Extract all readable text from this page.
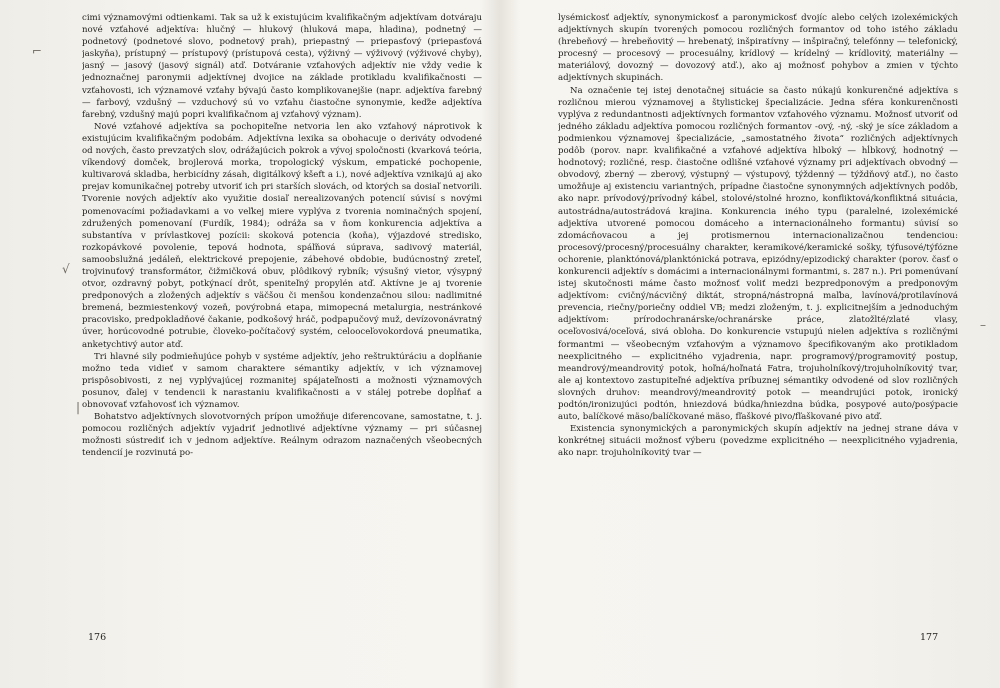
⌐
√
|
–

cimi významovými odtienkami. Tak sa už k existujúcim kvalifikačným adjektívam dotváraju nové vzťahové adjektíva: hlučný — hlukový (hluková mapa, hladina), podnetný — podnetový (podnetové slovo, podnetový prah), priepastný — priepasťový (priepasťová jaskyňa), prístupný — prístupový (prístupová cesta), výživný — výživový (výživové chyby), jasný — jasový (jasový signál) atď. Dotváranie vzťahových adjektív nie vždy vedie k jednoznačnej paronymii adjektívnej dvojice na základe protikladu kvalifikačnosti — vzťahovosti, ich významové vzťahy bývajú často komplikovanejšie (napr. adjektíva farebný — farbový, vzdušný — vzduchový sú vo vzťahu čiastočne synonymie, keďže adjektíva farebný, vzdušný majú popri kvalifikačnom aj vzťahový význam).

Nové vzťahové adjektíva sa pochopiteľne netvoria len ako vzťahový náprotivok k existujúcim kvalifikačným podobám. Adjektívna lexika sa obohacuje o deriváty odvodené od nových, často prevzatých slov, odrážajúcich pokrok a vývoj spoločnosti (kvarková teória, víkendový domček, brojlerová morka, tropologický výskum, empatické pochopenie, kultivarová skladba, herbicídny zásah, digitálkový kšeft a i.), nové adjektíva vznikajú aj ako prejav komunikačnej potreby utvoriť ich pri starších slovách, od ktorých sa dosiaľ netvorili. Tvorenie nových adjektív ako využitie dosiaľ nerealizovaných potencií súvisí s novými pomenovacími požiadavkami a vo veľkej miere vyplýva z tvorenia nominačných spojení, združených pomenovaní (Furdík, 1984); odráža sa v ňom konkurencia adjektíva a substantíva v prívlastkovej pozícii: skoková potencia (koňa), výjazdové stredisko, rozkopávkové povolenie, tepová hodnota, spáľňová súprava, sadivový materiál, samoobslužná jedáleň, elektrickové prepojenie, zábehové obdobie, budúcnostný zreteľ, trojvinuťový transformátor, čižmičková obuv, plôdikový rybník; výsušný vietor, výsypný otvor, ozdravný pobyt, potkýnací drôt, speniteľný propylén atď. Aktívne je aj tvorenie predponových a zložených adjektív s väčšou či menšou kondenzačnou silou: nadlimitné bremená, bezmiestenkový vozeň, povýrobná etapa, mimopecná metalurgia, nestránkové pracovisko, predpokladňové čakanie, podkošový hráč, podpapučový muž, devízovonávratný úver, horúcovodné potrubie, človeko-počítačový systém, celooceľovokordová pneumatika, anketychtivý autor atď.

Tri hlavné sily podmieňujúce pohyb v systéme adjektív, jeho reštruktúráciu a dopĺňanie možno teda vidieť v samom charaktere sémantiky adjektív, v ich významovej prispôsobivosti, z nej vyplývajúcej rozmanitej spájateľnosti a možnosti významových posunov, ďalej v tendencii k narastaniu kvalifikačnosti a v stálej potrebe dopĺňať a obnovovať vzťahovosť ich významov.

Bohatstvo adjektívnych slovotvorných prípon umožňuje diferencovane, samostatne, t. j. pomocou rozličných adjektív vyjadriť jednotlivé adjektívne významy — pri súčasnej možnosti sústrediť ich v jednom adjektíve. Reálnym odrazom naznačených všeobecných tendencií je rozvinutá po-

176

lysémickosť adjektív, synonymickosť a paronymickosť dvojíc alebo celých izolexémických adjektívnych skupín tvorených pomocou rozličných formantov od toho istého základu (hrebeňový — hrebeňovitý — hrebenatý, inšpiratívny — inšpiračný, telefónny — telefonický, procesný — procesový — procesuálny, krídlový — krídelný — krídlovitý, materiálny — materiálový, dovozný — dovozový atď.), ako aj možnosť pohybov a zmien v týchto adjektívnych skupinách.

Na označenie tej istej denotačnej situácie sa často núkajú konkurenčné adjektíva s rozličnou mierou významovej a štylistickej špecializácie. Jedna sféra konkurenčnosti vyplýva z redundantnosti adjektívnych formantov vzťahového významu. Možnosť utvoriť od jedného základu adjektíva pomocou rozličných formantov -ový, -ný, -ský je síce základom a podmienkou významovej špecializácie, „samostatného života“ rozličných adjektívnych podôb (porov. napr. kvalifikačné a vzťahové adjektíva hlboký — hĺbkový, hodnotný — hodnotový; rozličné, resp. čiastočne odlišné vzťahové významy pri adjektívach obvodný — obvodový, zberný — zberový, výstupný — výstupový, týždenný — týždňový atď.), no často umožňuje aj existenciu variantných, prípadne čiastočne synonymných adjektívnych podôb, ako napr. prívodový/prívodný kábel, stolové/stolné hrozno, konfliktová/konfliktná situácia, autostrádna/autostrádová krajina. Konkurencia iného typu (paralelné, izolexémické adjektíva utvorené pomocou domáceho a internacionálneho formantu) súvisí so zdomácňovacou a jej protismernou internacionalizačnou tendenciou: procesový/procesný/procesuálny charakter, keramikové/keramické sošky, týfusové/týfózne ochorenie, planktónová/planktónická potrava, epizódny/epizodický charakter (porov. časť o konkurencii adjektív s domácimi a internacionálnymi formantmi, s. 287 n.). Pri pomenúvaní istej skutočnosti máme často možnosť voliť medzi bezpredponovým a predponovým adjektívom: cvičný/nácvičný diktát, stropná/nástropná maľba, lavínová/protilavínová prevencia, riečny/poriečny oddiel VB; medzi zloženým, t. j. explicitnejším a jednoduchým adjektívom: prírodochranárske/ochranárske práce, zlatožlté/zlaté vlasy, oceľovosivá/oceľová, sivá obloha. Do konkurencie vstupujú nielen adjektíva s rozličnými formantmi — všeobecným vzťahovým a významovo špecifikovaným ako protikladom neexplicitného — explicitného vyjadrenia, napr. programový/programovitý postup, meandrový/meandrovitý potok, hoľná/hoľnatá Fatra, trojuholníkový/trojuholníkovitý tvar, ale aj kontextovo zastupiteľné adjektíva príbuznej sémantiky odvodené od slov rozličných slovných druhov: meandrový/meandrovitý potok — meandrujúci potok, ironický podtón/ironizujúci podtón, hniezdová búdka/hniezdna búdka, posypové auto/posýpacie auto, balíčkové mäso/balíčkované mäso, fľaškové pivo/fľaškované pivo atď.

Existencia synonymických a paronymických skupín adjektív na jednej strane dáva v konkrétnej situácii možnosť výberu (povedzme explicitného — neexplicitného vyjadrenia, ako napr. trojuholníkovitý tvar —

177
